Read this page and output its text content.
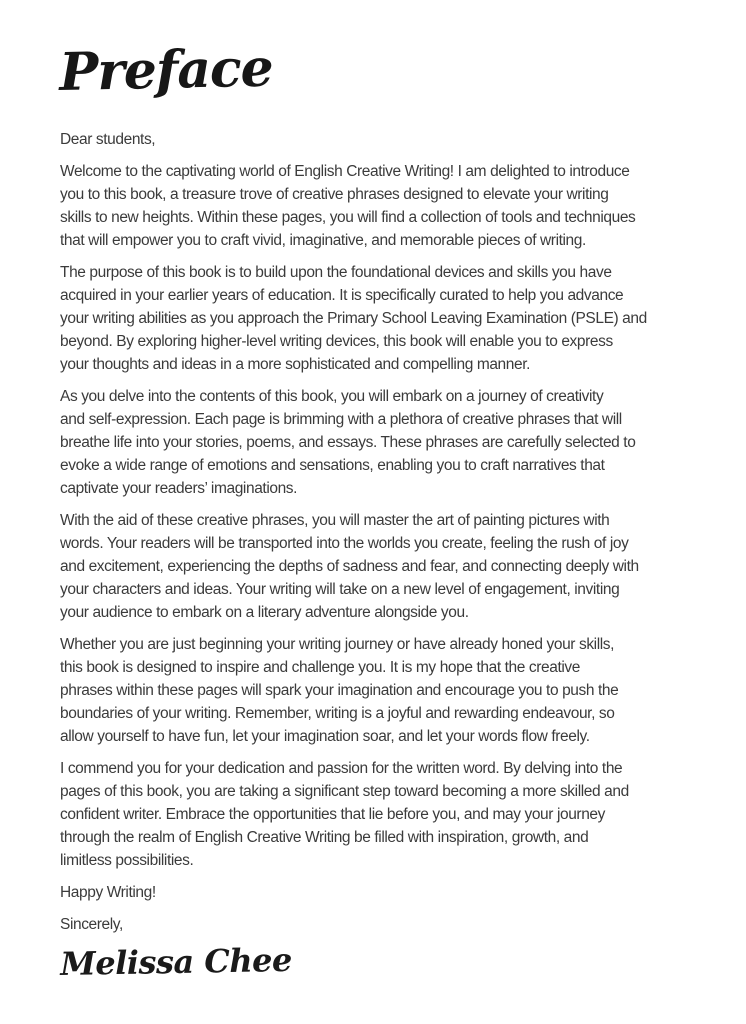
Preface

Dear students,

Welcome to the captivating world of English Creative Writing! I am delighted to introduce
you to this book, a treasure trove of creative phrases designed to elevate your writing
skills to new heights. Within these pages, you will find a collection of tools and techniques
that will empower you to craft vivid, imaginative, and memorable pieces of writing.

The purpose of this book is to build upon the foundational devices and skills you have
acquired in your earlier years of education. It is specifically curated to help you advance
your writing abilities as you approach the Primary School Leaving Examination (PSLE) and
beyond. By exploring higher-level writing devices, this book will enable you to express
your thoughts and ideas in a more sophisticated and compelling manner.

As you delve into the contents of this book, you will embark on a journey of creativity
and self-expression. Each page is brimming with a plethora of creative phrases that will
breathe life into your stories, poems, and essays. These phrases are carefully selected to
evoke a wide range of emotions and sensations, enabling you to craft narratives that
captivate your readers’ imaginations.

With the aid of these creative phrases, you will master the art of painting pictures with
words. Your readers will be transported into the worlds you create, feeling the rush of joy
and excitement, experiencing the depths of sadness and fear, and connecting deeply with
your characters and ideas. Your writing will take on a new level of engagement, inviting
your audience to embark on a literary adventure alongside you.

Whether you are just beginning your writing journey or have already honed your skills,
this book is designed to inspire and challenge you. It is my hope that the creative
phrases within these pages will spark your imagination and encourage you to push the
boundaries of your writing. Remember, writing is a joyful and rewarding endeavour, so
allow yourself to have fun, let your imagination soar, and let your words flow freely.

I commend you for your dedication and passion for the written word. By delving into the
pages of this book, you are taking a significant step toward becoming a more skilled and
confident writer. Embrace the opportunities that lie before you, and may your journey
through the realm of English Creative Writing be filled with inspiration, growth, and
limitless possibilities.

Happy Writing!

Sincerely,

Melissa Chee
